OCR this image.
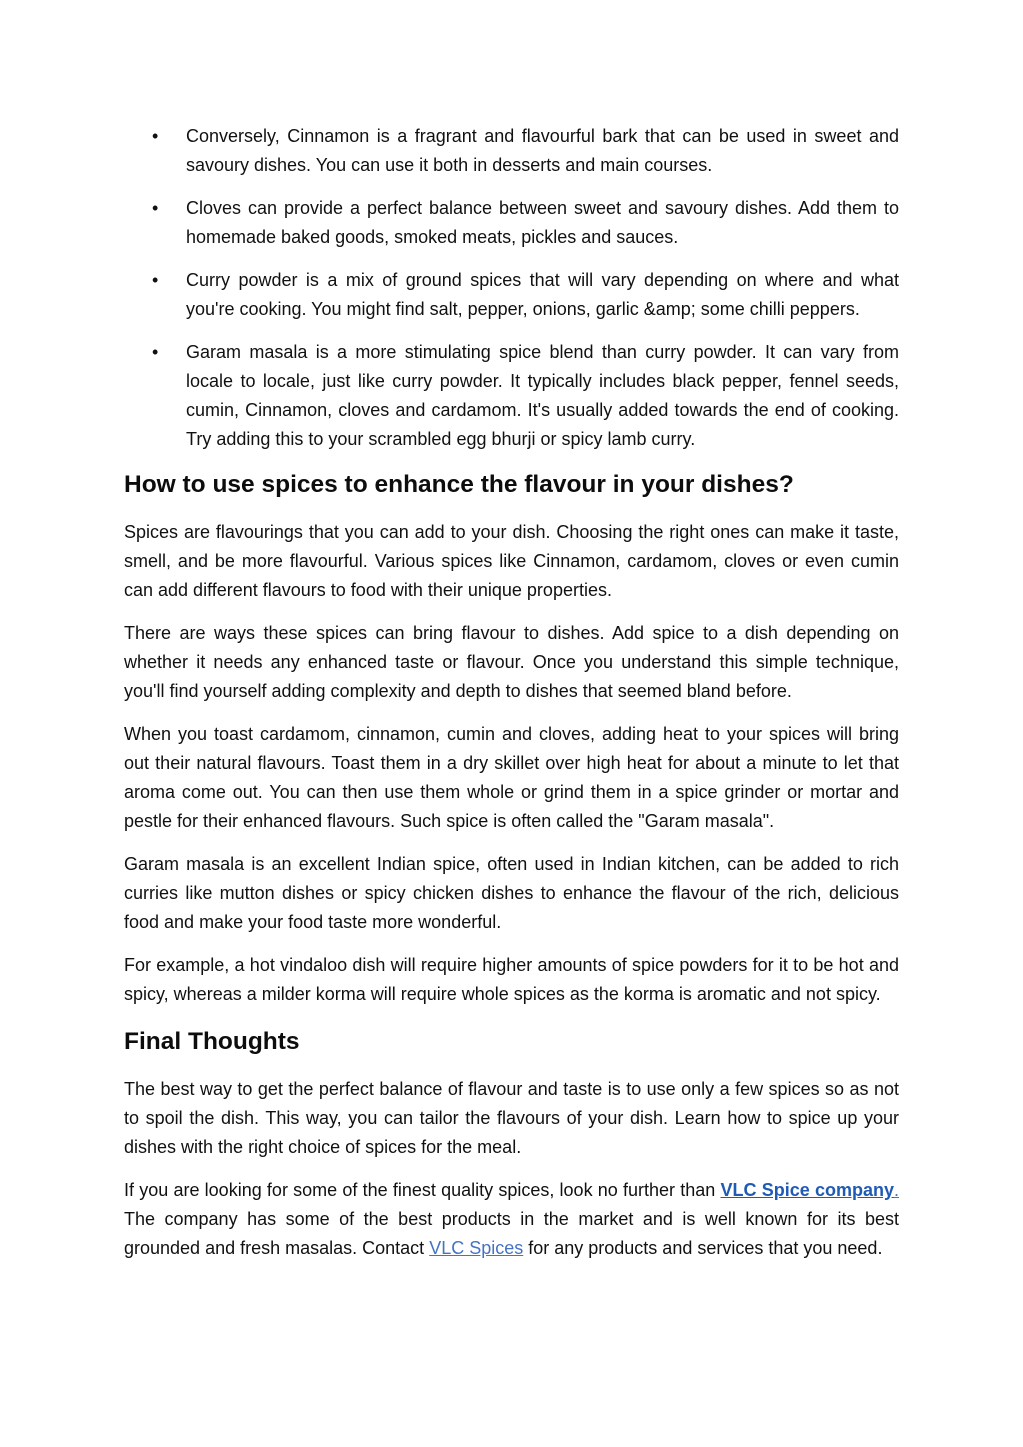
• Conversely, Cinnamon is a fragrant and flavourful bark that can be used in sweet and savoury dishes. You can use it both in desserts and main courses.
• Cloves can provide a perfect balance between sweet and savoury dishes. Add them to homemade baked goods, smoked meats, pickles and sauces.
• Curry powder is a mix of ground spices that will vary depending on where and what you're cooking. You might find salt, pepper, onions, garlic &amp; some chilli peppers.
• Garam masala is a more stimulating spice blend than curry powder. It can vary from locale to locale, just like curry powder. It typically includes black pepper, fennel seeds, cumin, Cinnamon, cloves and cardamom. It's usually added towards the end of cooking. Try adding this to your scrambled egg bhurji or spicy lamb curry.
How to use spices to enhance the flavour in your dishes?

Spices are flavourings that you can add to your dish. Choosing the right ones can make it taste, smell, and be more flavourful. Various spices like Cinnamon, cardamom, cloves or even cumin can add different flavours to food with their unique properties.

There are ways these spices can bring flavour to dishes. Add spice to a dish depending on whether it needs any enhanced taste or flavour. Once you understand this simple technique, you'll find yourself adding complexity and depth to dishes that seemed bland before.

When you toast cardamom, cinnamon, cumin and cloves, adding heat to your spices will bring out their natural flavours. Toast them in a dry skillet over high heat for about a minute to let that aroma come out. You can then use them whole or grind them in a spice grinder or mortar and pestle for their enhanced flavours. Such spice is often called the "Garam masala".

Garam masala is an excellent Indian spice, often used in Indian kitchen, can be added to rich curries like mutton dishes or spicy chicken dishes to enhance the flavour of the rich, delicious food and make your food taste more wonderful.

For example, a hot vindaloo dish will require higher amounts of spice powders for it to be hot and spicy, whereas a milder korma will require whole spices as the korma is aromatic and not spicy.

Final Thoughts

The best way to get the perfect balance of flavour and taste is to use only a few spices so as not to spoil the dish. This way, you can tailor the flavours of your dish. Learn how to spice up your dishes with the right choice of spices for the meal.

If you are looking for some of the finest quality spices, look no further than VLC Spice company. The company has some of the best products in the market and is well known for its best grounded and fresh masalas. Contact VLC Spices for any products and services that you need.
